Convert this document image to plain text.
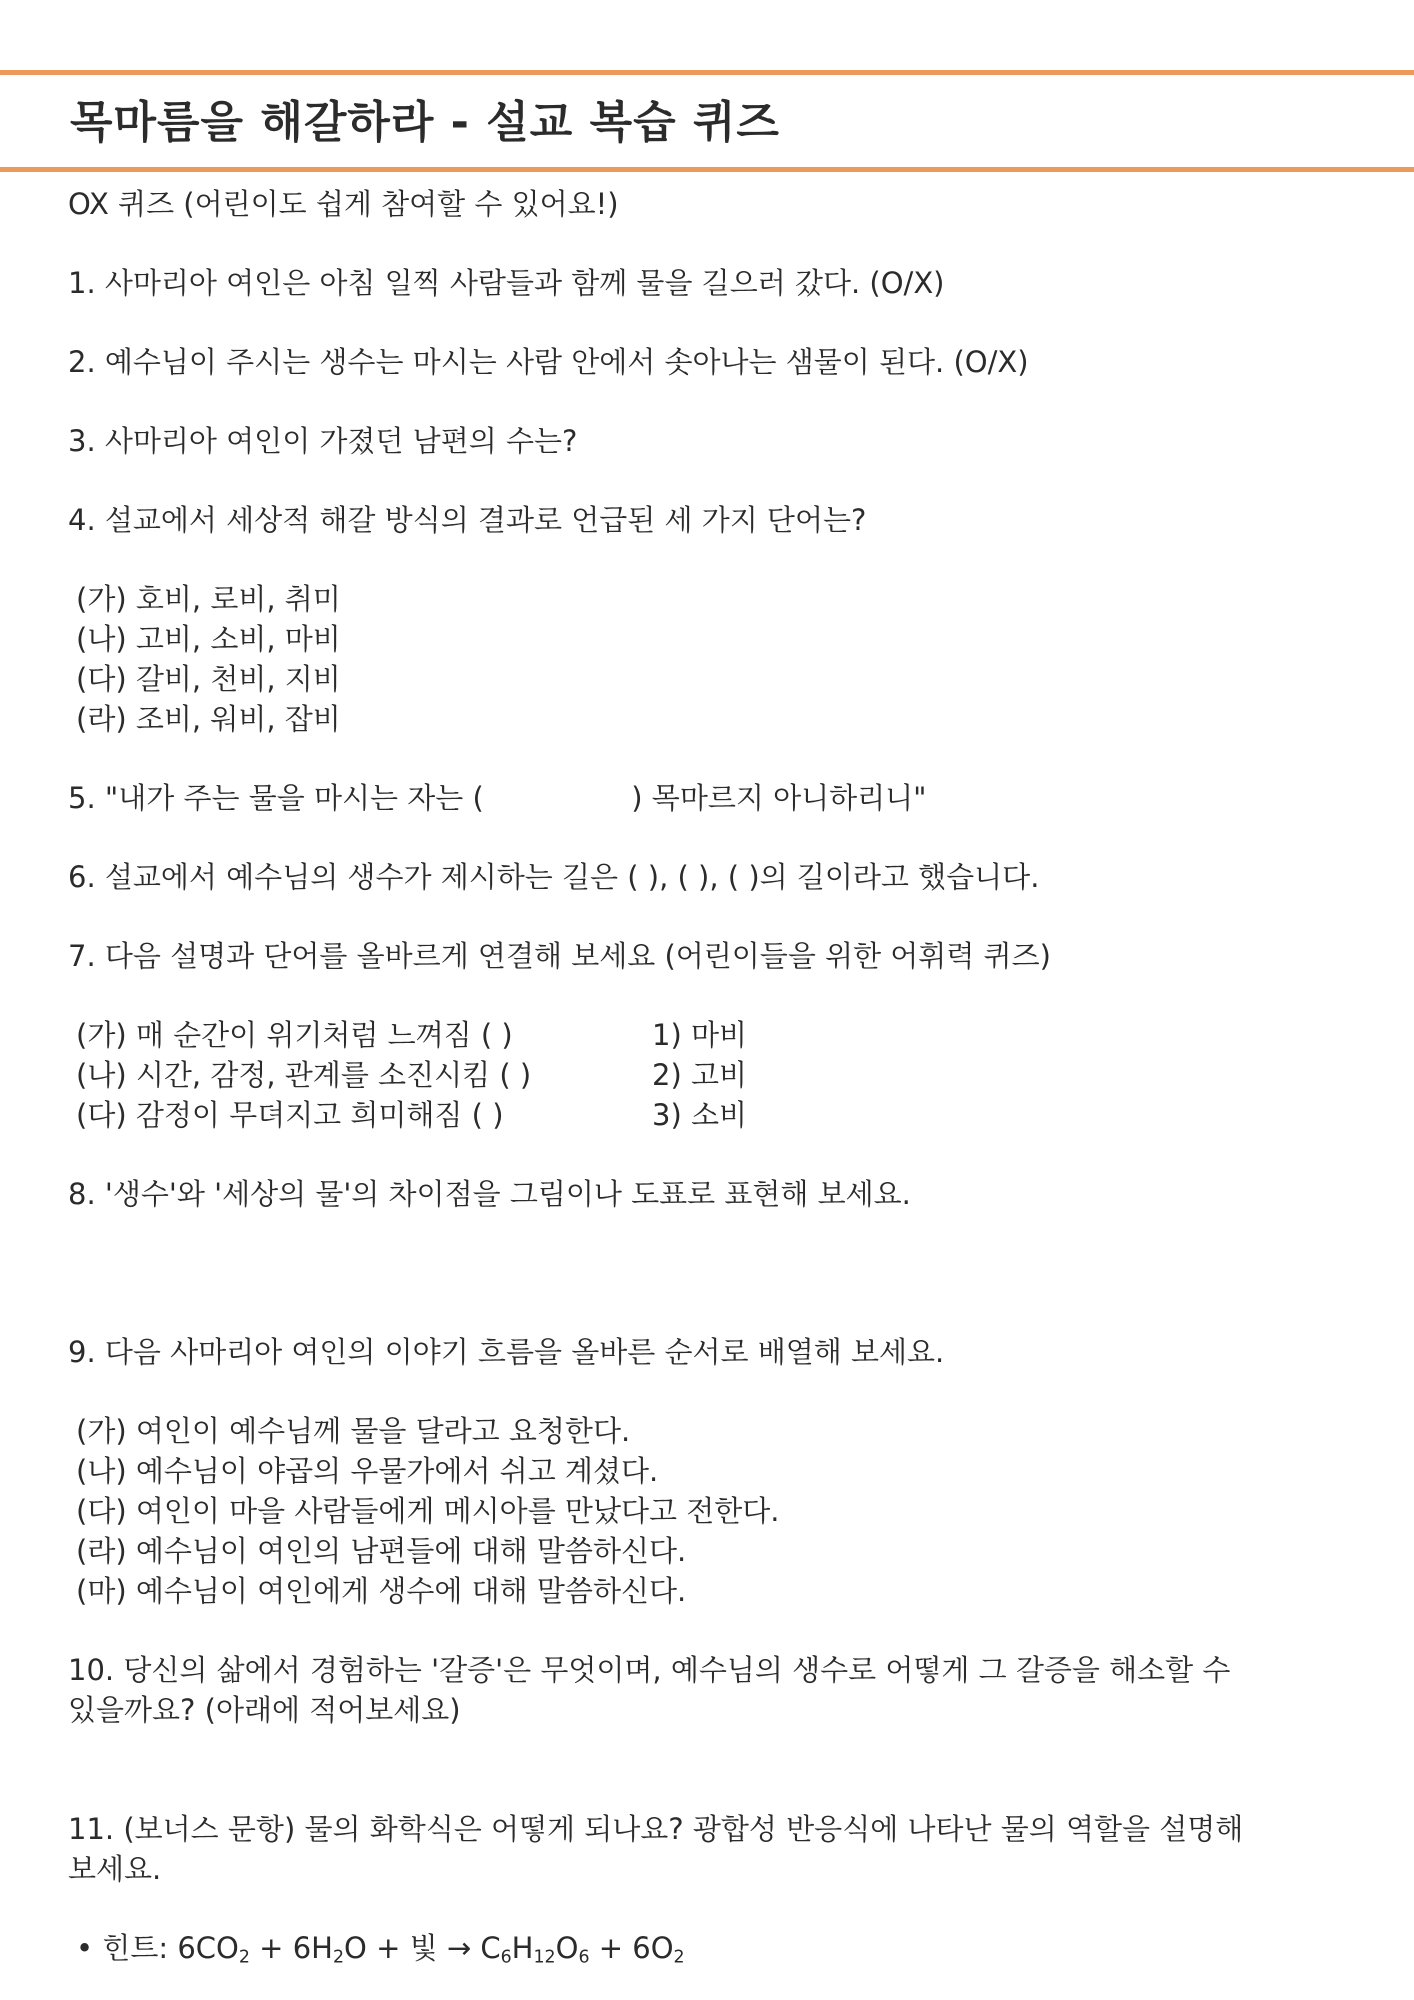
목마름을 해갈하라 - 설교 복습 퀴즈
OX 퀴즈 (어린이도 쉽게 참여할 수 있어요!)
1. 사마리아 여인은 아침 일찍 사람들과 함께 물을 길으러 갔다. (O/X)
2. 예수님이 주시는 생수는 마시는 사람 안에서 솟아나는 샘물이 된다. (O/X)
3. 사마리아 여인이 가졌던 남편의 수는?
4. 설교에서 세상적 해갈 방식의 결과로 언급된 세 가지 단어는?
(가) 호비, 로비, 취미
(나) 고비, 소비, 마비
(다) 갈비, 천비, 지비
(라) 조비, 워비, 잡비
5. "내가 주는 물을 마시는 자는 (                ) 목마르지 아니하리니"
6. 설교에서 예수님의 생수가 제시하는 길은 ( ), ( ), ( )의 길이라고 했습니다.
7. 다음 설명과 단어를 올바르게 연결해 보세요 (어린이들을 위한 어휘력 퀴즈)
(가) 매 순간이 위기처럼 느껴짐 ( )	1) 마비
(나) 시간, 감정, 관계를 소진시킴 ( )	2) 고비
(다) 감정이 무뎌지고 희미해짐 ( )	3) 소비
8. '생수'와 '세상의 물'의 차이점을 그림이나 도표로 표현해 보세요.
9. 다음 사마리아 여인의 이야기 흐름을 올바른 순서로 배열해 보세요.
(가) 여인이 예수님께 물을 달라고 요청한다.
(나) 예수님이 야곱의 우물가에서 쉬고 계셨다.
(다) 여인이 마을 사람들에게 메시아를 만났다고 전한다.
(라) 예수님이 여인의 남편들에 대해 말씀하신다.
(마) 예수님이 여인에게 생수에 대해 말씀하신다.
10. 당신의 삶에서 경험하는 '갈증'은 무엇이며, 예수님의 생수로 어떻게 그 갈증을 해소할 수
있을까요? (아래에 적어보세요)
11. (보너스 문항) 물의 화학식은 어떻게 되나요? 광합성 반응식에 나타난 물의 역할을 설명해
보세요.
• 힌트: $6CO_2 + 6H_2O$ + 빛 → $C_6H_{12}O_6 + 6O_2$
